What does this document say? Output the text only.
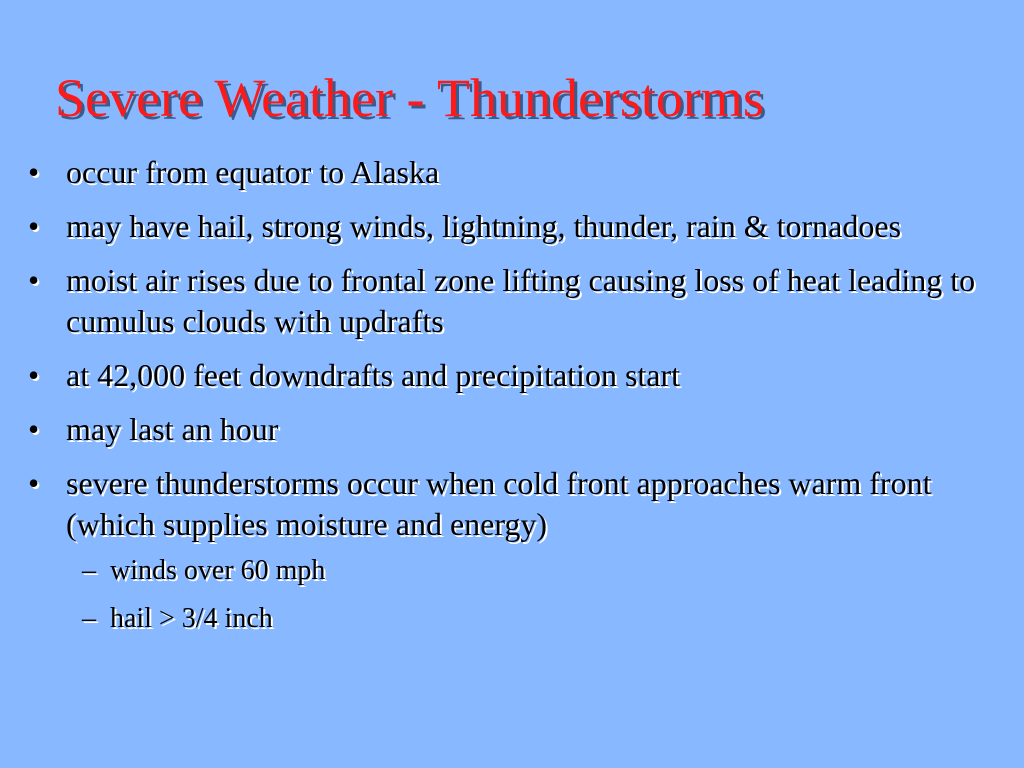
Severe Weather - Thunderstorms
• occur from equator to Alaska
• may have hail, strong winds, lightning, thunder, rain & tornadoes
• moist air rises due to frontal zone lifting causing loss of heat leading to cumulus clouds with updrafts
• at 42,000 feet downdrafts and precipitation start
• may last an hour
• severe thunderstorms occur when cold front approaches warm front (which supplies moisture and energy)
– winds over 60 mph
– hail > 3/4 inch
